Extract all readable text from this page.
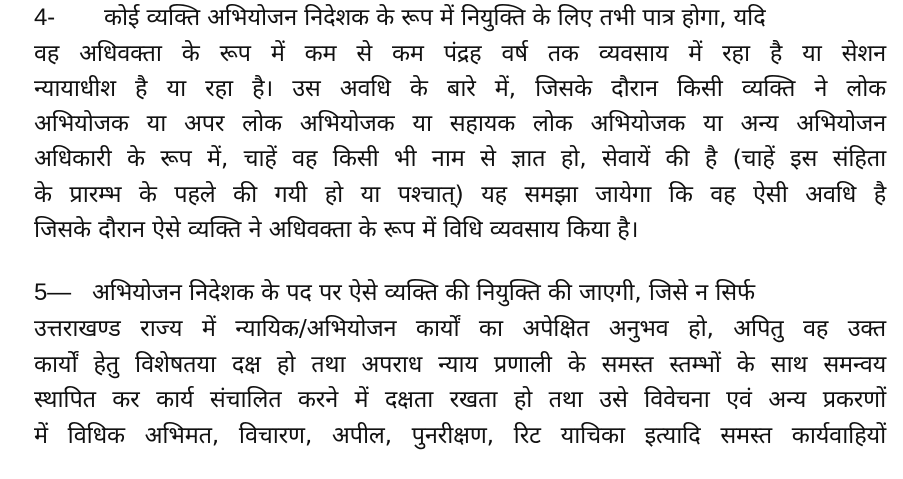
4- कोई व्यक्ति अभियोजन निदेशक के रूप में नियुक्ति के लिए तभी पात्र होगा, यदि
वह अधिवक्ता के रूप में कम से कम पंद्रह वर्ष तक व्यवसाय में रहा है या सेशन
न्यायाधीश है या रहा है। उस अवधि के बारे में, जिसके दौरान किसी व्यक्ति ने लोक
अभियोजक या अपर लोक अभियोजक या सहायक लोक अभियोजक या अन्य अभियोजन
अधिकारी के रूप में, चाहें वह किसी भी नाम से ज्ञात हो, सेवायें की है (चाहें इस संहिता
के प्रारम्भ के पहले की गयी हो या पश्चात्) यह समझा जायेगा कि वह ऐसी अवधि है
जिसके दौरान ऐसे व्यक्ति ने अधिवक्ता के रूप में विधि व्यवसाय किया है।
5— अभियोजन निदेशक के पद पर ऐसे व्यक्ति की नियुक्ति की जाएगी, जिसे न सिर्फ
उत्तराखण्ड राज्य में न्यायिक/अभियोजन कार्यों का अपेक्षित अनुभव हो, अपितु वह उक्त
कार्यों हेतु विशेषतया दक्ष हो तथा अपराध न्याय प्रणाली के समस्त स्तम्भों के साथ समन्वय
स्थापित कर कार्य संचालित करने में दक्षता रखता हो तथा उसे विवेचना एवं अन्य प्रकरणों
में विधिक अभिमत, विचारण, अपील, पुनरीक्षण, रिट याचिका इत्यादि समस्त कार्यवाहियों
